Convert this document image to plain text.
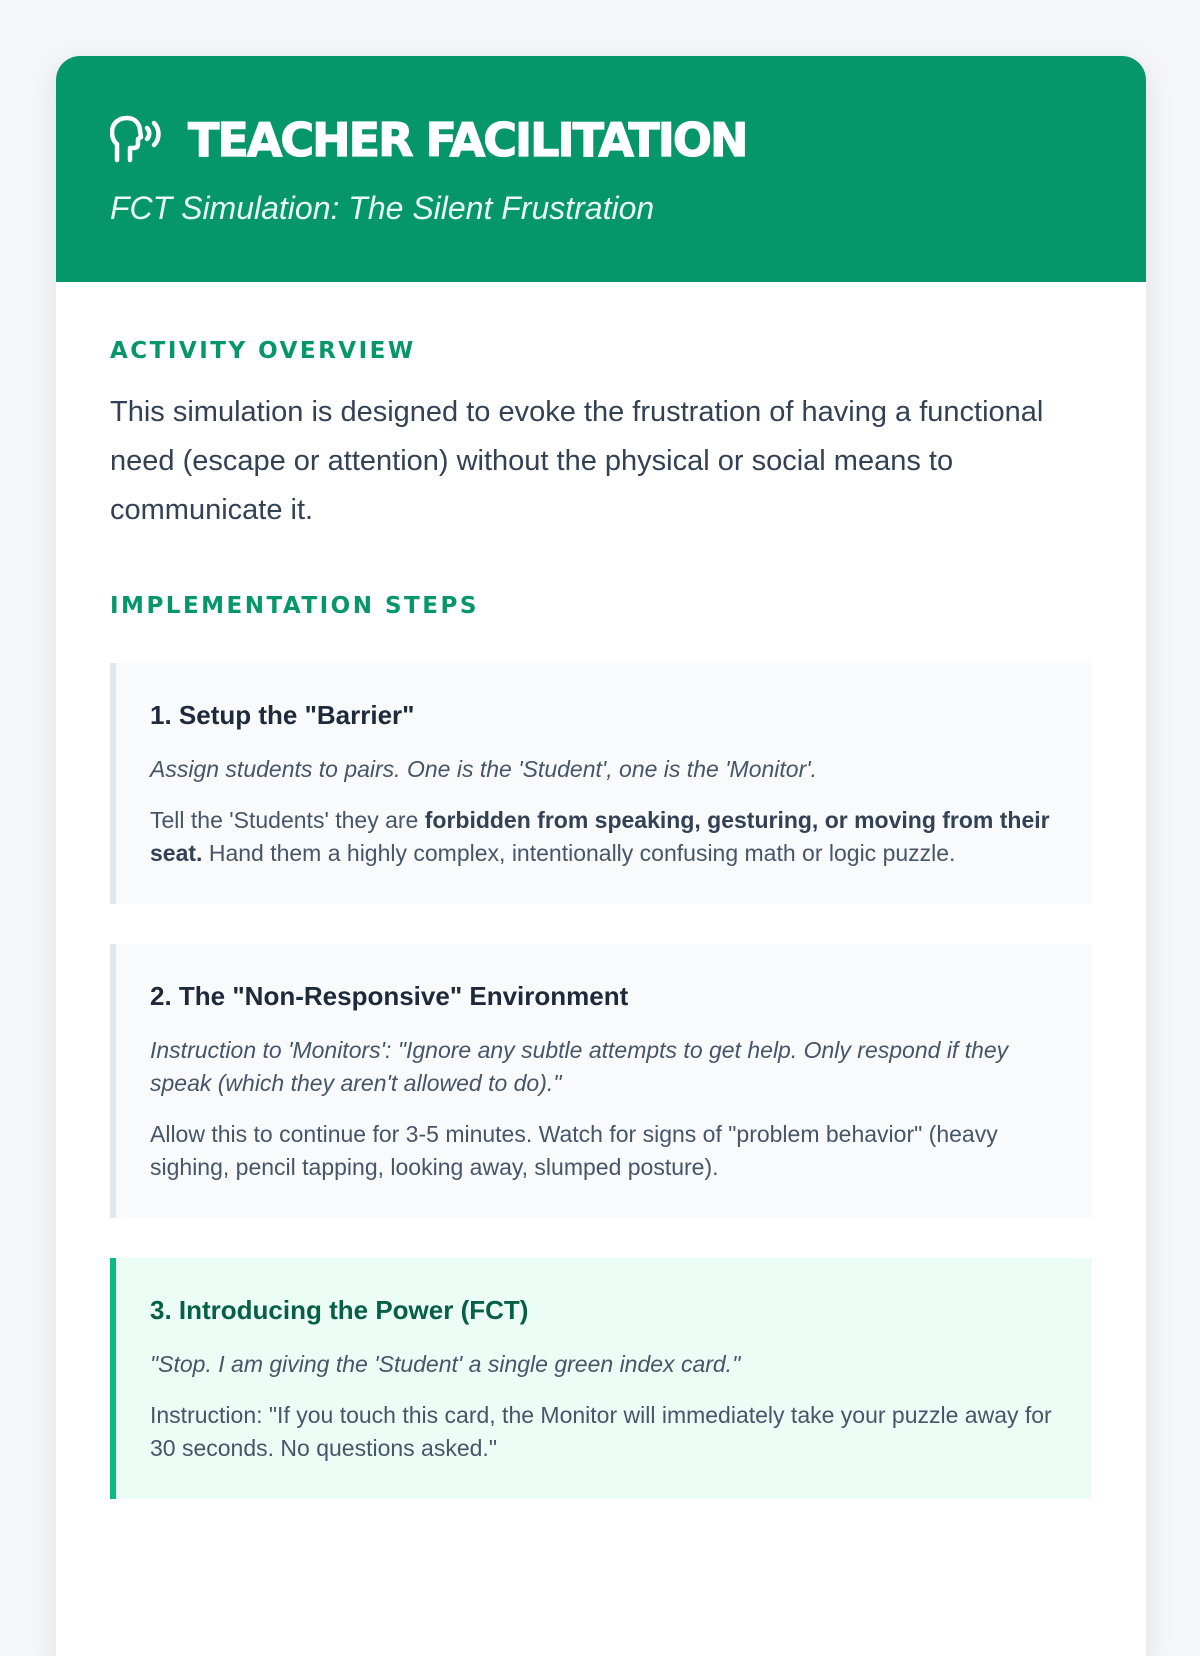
TEACHER FACILITATION
FCT Simulation: The Silent Frustration
ACTIVITY OVERVIEW

This simulation is designed to evoke the frustration of having a functional need (escape or attention) without the physical or social means to communicate it.

IMPLEMENTATION STEPS
1. Setup the "Barrier"
Assign students to pairs. One is the 'Student', one is the 'Monitor'.
Tell the 'Students' they are forbidden from speaking, gesturing, or moving from their seat. Hand them a highly complex, intentionally confusing math or logic puzzle.
2. The "Non-Responsive" Environment
Instruction to 'Monitors': "Ignore any subtle attempts to get help. Only respond if they speak (which they aren't allowed to do)."
Allow this to continue for 3-5 minutes. Watch for signs of "problem behavior" (heavy sighing, pencil tapping, looking away, slumped posture).
3. Introducing the Power (FCT)
"Stop. I am giving the 'Student' a single green index card."
Instruction: "If you touch this card, the Monitor will immediately take your puzzle away for 30 seconds. No questions asked."
